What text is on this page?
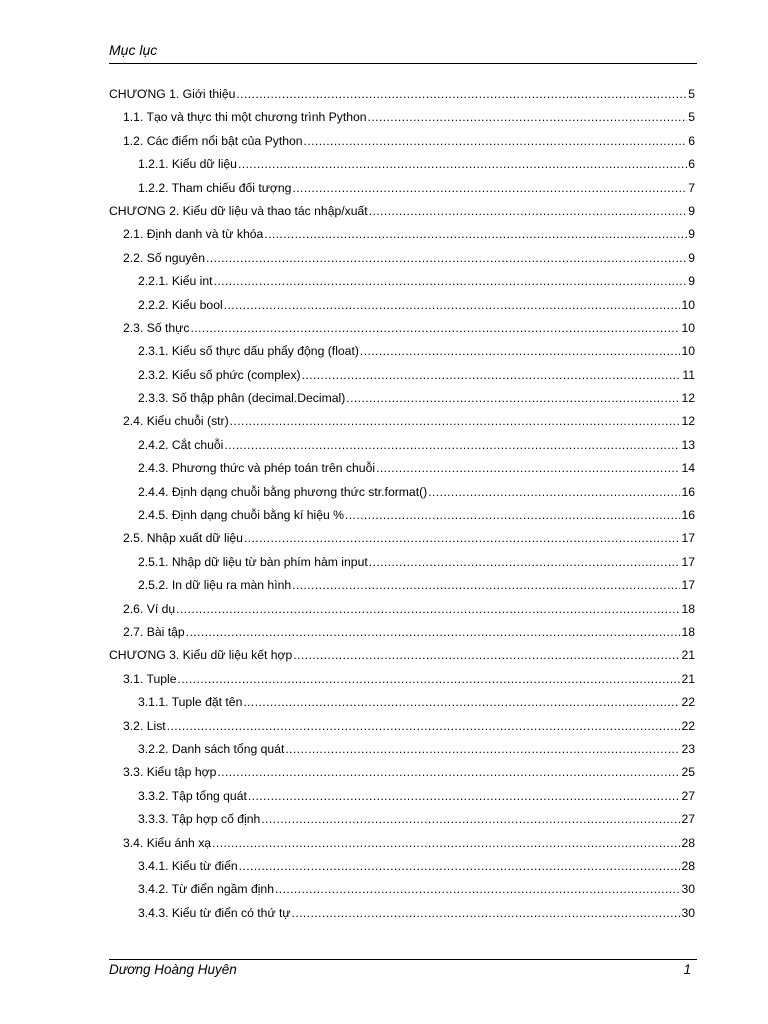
Mục lục
CHƯƠNG 1. Giới thiệu .....	5
1.1. Tạo và thực thi một chương trình Python .....	5
1.2. Các điểm nổi bật của Python .....	6
1.2.1. Kiểu dữ liệu .....	6
1.2.2. Tham chiếu đối tượng .....	7
CHƯƠNG 2. Kiểu dữ liệu và thao tác nhập/xuất .....	9
2.1. Định danh và từ khóa .....	9
2.2. Số nguyên .....	9
2.2.1. Kiểu int .....	9
2.2.2. Kiểu bool .....	10
2.3. Số thực .....	10
2.3.1. Kiểu số thực dấu phẩy động (float) .....	10
2.3.2. Kiểu số phức (complex) .....	11
2.3.3. Số thập phân (decimal.Decimal) .....	12
2.4. Kiểu chuỗi (str) .....	12
2.4.2. Cắt chuỗi .....	13
2.4.3. Phương thức và phép toán trên chuỗi .....	14
2.4.4. Định dạng chuỗi bằng phương thức str.format() .....	16
2.4.5. Định dạng chuỗi bằng kí hiệu % .....	16
2.5. Nhập xuất dữ liệu .....	17
2.5.1. Nhập dữ liệu từ bàn phím hàm input .....	17
2.5.2. In dữ liệu ra màn hình .....	17
2.6. Ví dụ .....	18
2.7. Bài tập .....	18
CHƯƠNG 3. Kiểu dữ liệu kết hợp .....	21
3.1. Tuple .....	21
3.1.1. Tuple đặt tên .....	22
3.2. List .....	22
3.2.2. Danh sách tổng quát .....	23
3.3. Kiểu tập hợp .....	25
3.3.2. Tập tổng quát .....	27
3.3.3. Tập hợp cố định .....	27
3.4. Kiểu ánh xạ .....	28
3.4.1. Kiểu từ điển .....	28
3.4.2. Từ điển ngầm định .....	30
3.4.3. Kiểu từ điển có thứ tự .....	30
Dương Hoàng Huyên	1
